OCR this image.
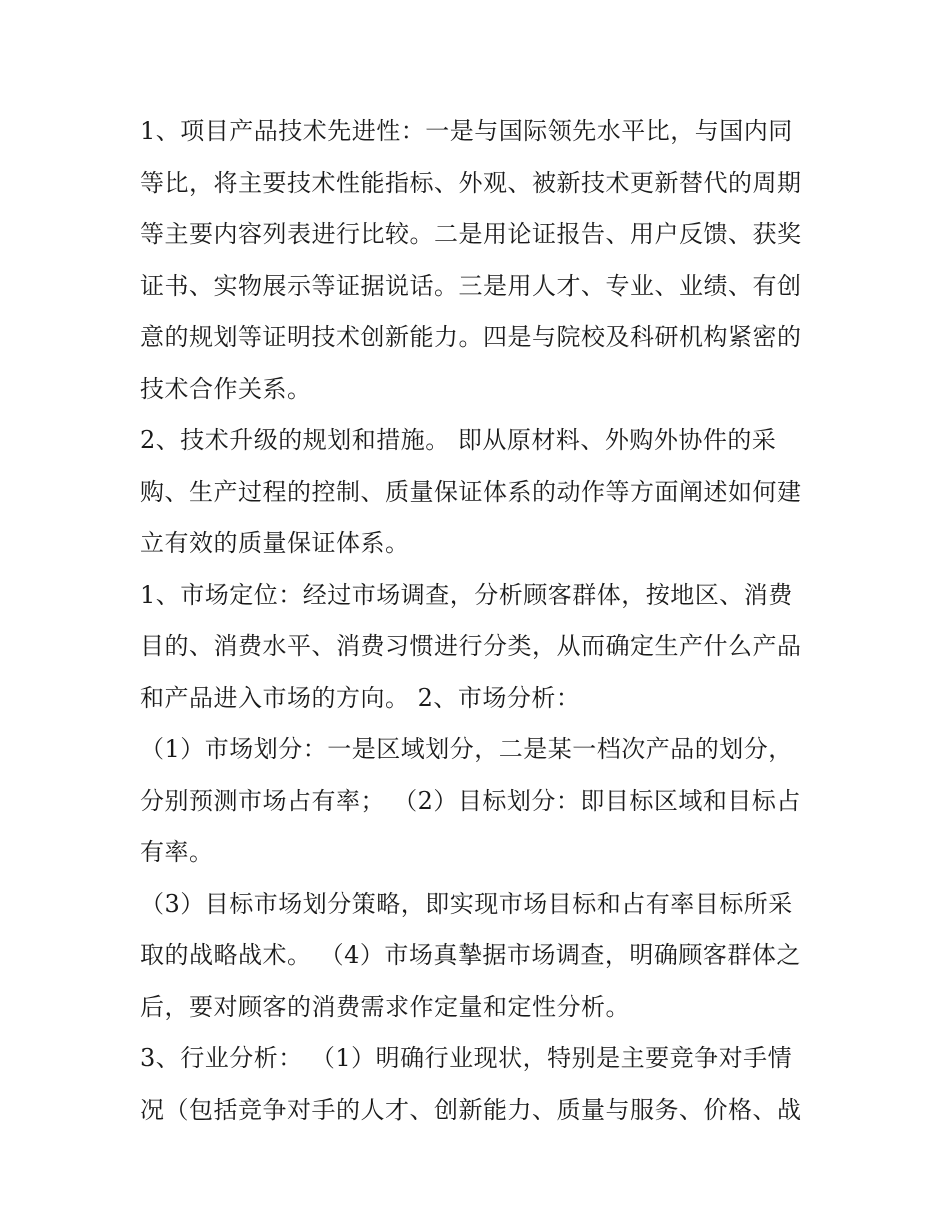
1、项目产品技术先进性：一是与国际领先水平比，与国内同
等比，将主要技术性能指标、外观、被新技术更新替代的周期
等主要内容列表进行比较。二是用论证报告、用户反馈、获奖
证书、实物展示等证据说话。三是用人才、专业、业绩、有创
意的规划等证明技术创新能力。四是与院校及科研机构紧密的
技术合作关系。
2、技术升级的规划和措施。 即从原材料、外购外协件的采
购、生产过程的控制、质量保证体系的动作等方面阐述如何建
立有效的质量保证体系。
1、市场定位：经过市场调查，分析顾客群体，按地区、消费
目的、消费水平、消费习惯进行分类，从而确定生产什么产品
和产品进入市场的方向。 2、市场分析：
（1）市场划分：一是区域划分，二是某一档次产品的划分，
分别预测市场占有率； （2）目标划分：即目标区域和目标占
有率。
（3）目标市场划分策略，即实现市场目标和占有率目标所采
取的战略战术。 （4）市场真摯据市场调查，明确顾客群体之
后，要对顾客的消费需求作定量和定性分析。
3、行业分析： （1）明确行业现状，特别是主要竞争对手情
况（包括竞争对手的人才、创新能力、质量与服务、价格、战
